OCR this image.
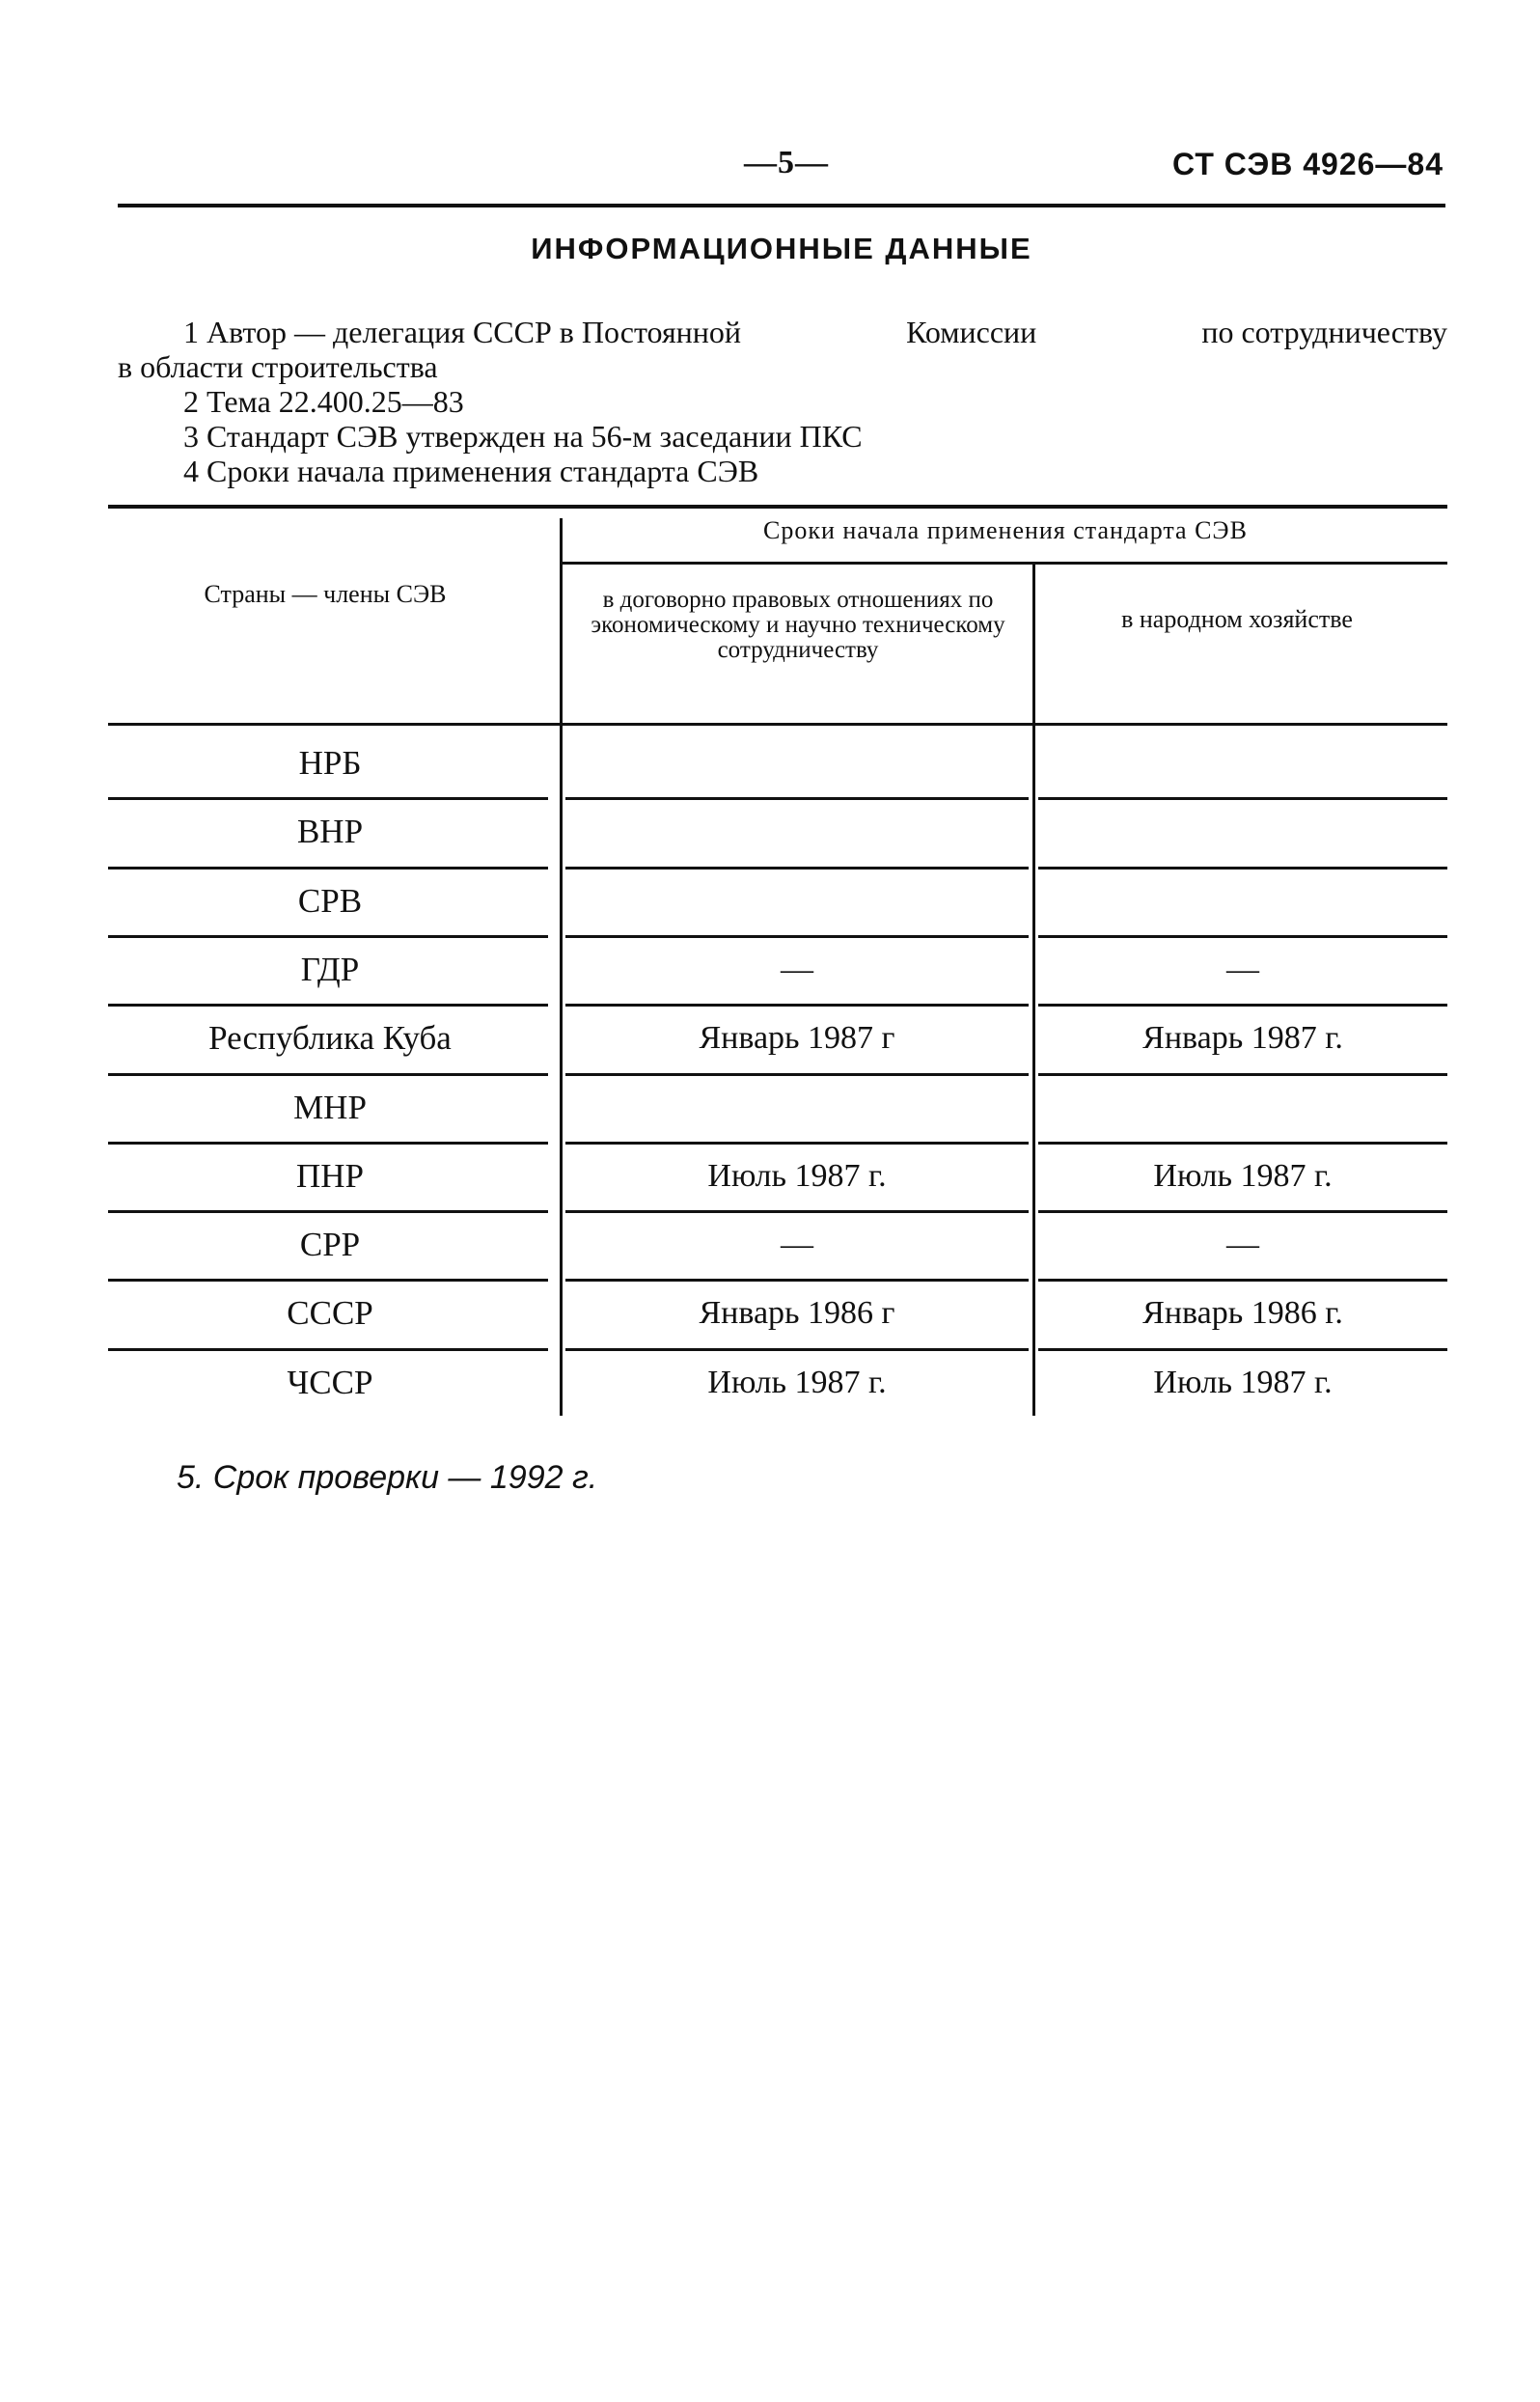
—5—	СТ СЭВ 4926—84
ИНФОРМАЦИОННЫЕ ДАННЫЕ
1 Автор — делегация СССР в Постоянной	Комиссии	по сотрудничеству
в области строительства
2 Тема 22.400.25—83
3 Стандарт СЭВ утвержден на 56-м заседании ПКС
4 Сроки начала применения стандарта СЭВ
Страны — члены СЭВ
Сроки начала применения стандарта СЭВ
в договорно правовых отношениях по экономическому и научно техническому сотрудничеству
в народном хозяйстве
НРБ
ВНР
СРВ
ГДР	—	—
Республика Куба	Январь 1987 г	Январь 1987 г.
МНР
ПНР	Июль 1987 г.	Июль 1987 г.
СРР	—	—
СССР	Январь 1986 г	Январь 1986 г.
ЧССР	Июль 1987 г.	Июль 1987 г.
5. Срок проверки — 1992 г.
